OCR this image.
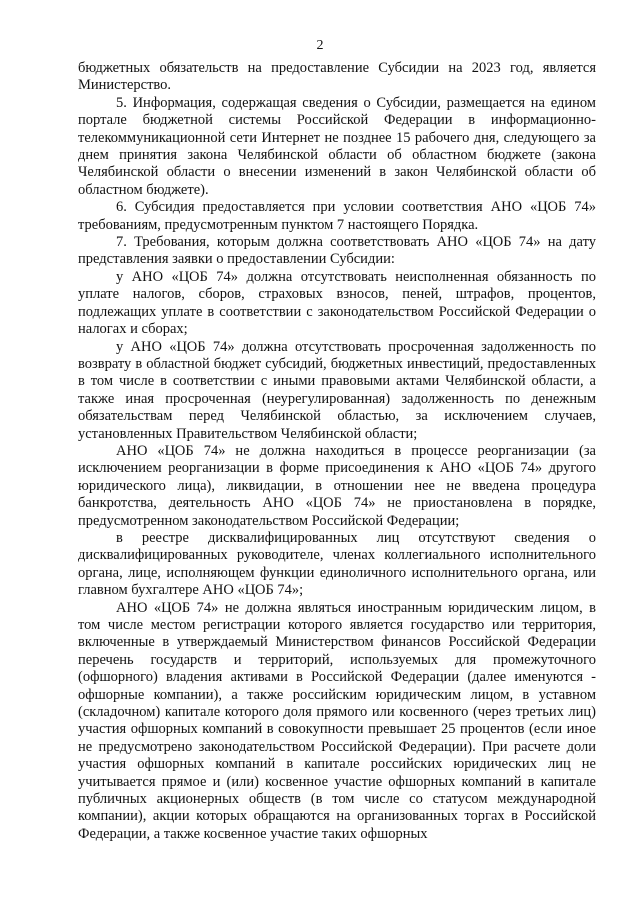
2

бюджетных обязательств на предоставление Субсидии на 2023 год, является Министерство.

5. Информация, содержащая сведения о Субсидии, размещается на едином портале бюджетной системы Российской Федерации в информационно-телекоммуникационной сети Интернет не позднее 15 рабочего дня, следующего за днем принятия закона Челябинской области об областном бюджете (закона Челябинской области о внесении изменений в закон Челябинской области об областном бюджете).

6. Субсидия предоставляется при условии соответствия АНО «ЦОБ 74» требованиям, предусмотренным пунктом 7 настоящего Порядка.

7. Требования, которым должна соответствовать АНО «ЦОБ 74» на дату представления заявки о предоставлении Субсидии:

у АНО «ЦОБ 74» должна отсутствовать неисполненная обязанность по уплате налогов, сборов, страховых взносов, пеней, штрафов, процентов, подлежащих уплате в соответствии с законодательством Российской Федерации о налогах и сборах;

у АНО «ЦОБ 74» должна отсутствовать просроченная задолженность по возврату в областной бюджет субсидий, бюджетных инвестиций, предоставленных в том числе в соответствии с иными правовыми актами Челябинской области, а также иная просроченная (неурегулированная) задолженность по денежным обязательствам перед Челябинской областью, за исключением случаев, установленных Правительством Челябинской области;

АНО «ЦОБ 74» не должна находиться в процессе реорганизации (за исключением реорганизации в форме присоединения к АНО «ЦОБ 74» другого юридического лица), ликвидации, в отношении нее не введена процедура банкротства, деятельность АНО «ЦОБ 74» не приостановлена в порядке, предусмотренном законодательством Российской Федерации;

в реестре дисквалифицированных лиц отсутствуют сведения о дисквалифицированных руководителе, членах коллегиального исполнительного органа, лице, исполняющем функции единоличного исполнительного органа, или главном бухгалтере АНО «ЦОБ 74»;

АНО «ЦОБ 74» не должна являться иностранным юридическим лицом, в том числе местом регистрации которого является государство или территория, включенные в утверждаемый Министерством финансов Российской Федерации перечень государств и территорий, используемых для промежуточного (офшорного) владения активами в Российской Федерации (далее именуются - офшорные компании), а также российским юридическим лицом, в уставном (складочном) капитале которого доля прямого или косвенного (через третьих лиц) участия офшорных компаний в совокупности превышает 25 процентов (если иное не предусмотрено законодательством Российской Федерации). При расчете доли участия офшорных компаний в капитале российских юридических лиц не учитывается прямое и (или) косвенное участие офшорных компаний в капитале публичных акционерных обществ (в том числе со статусом международной компании), акции которых обращаются на организованных торгах в Российской Федерации, а также косвенное участие таких офшорных
